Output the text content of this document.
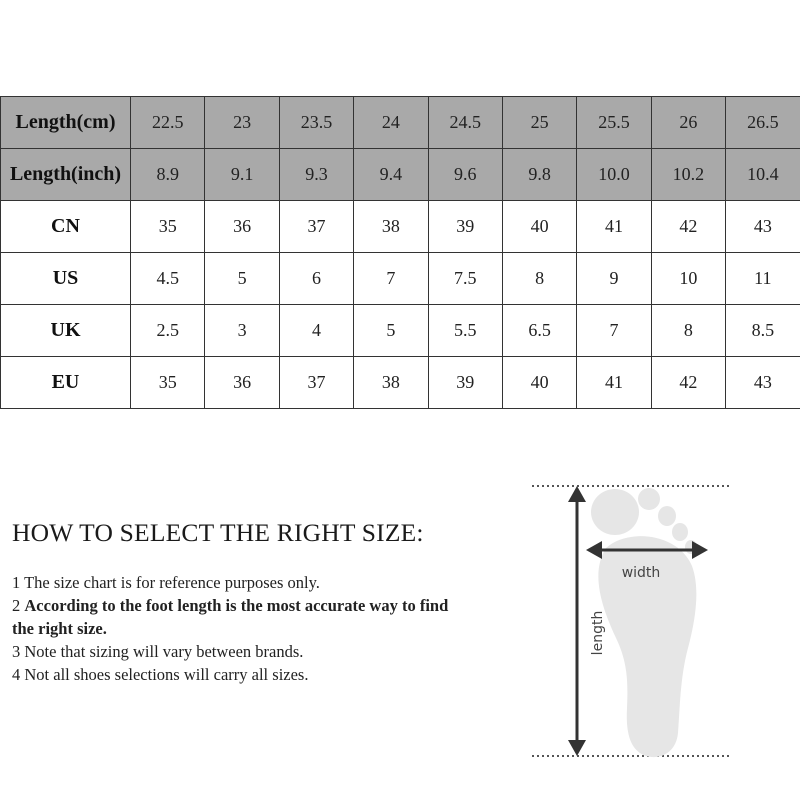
Length(cm)	22.5	23	23.5	24	24.5	25	25.5	26	26.5
Length(inch)	8.9	9.1	9.3	9.4	9.6	9.8	10.0	10.2	10.4
CN	35	36	37	38	39	40	41	42	43
US	4.5	5	6	7	7.5	8	9	10	11
UK	2.5	3	4	5	5.5	6.5	7	8	8.5
EU	35	36	37	38	39	40	41	42	43
HOW TO SELECT THE RIGHT SIZE:

1 The size chart is for reference purposes only.

2 According to the foot length is the most accurate way to find the right size.

3 Note that sizing will vary between brands.

4 Not all shoes selections will carry all sizes.

width
length
